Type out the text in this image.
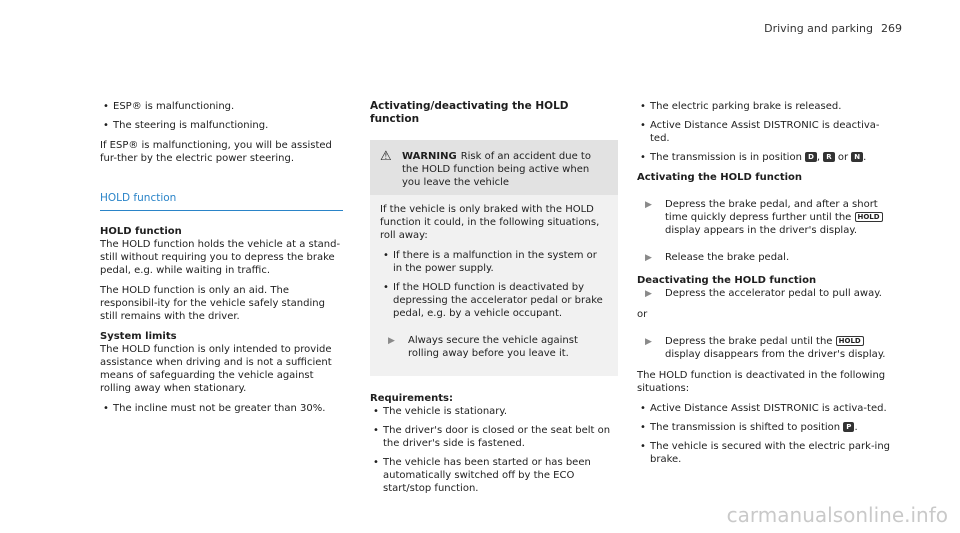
Driving and parking 269
• ESP® is malfunctioning.
• The steering is malfunctioning.

If ESP® is malfunctioning, you will be assisted fur-ther by the electric power steering.

HOLD function
HOLD function

The HOLD function holds the vehicle at a stand-still without requiring you to depress the brake pedal, e.g. while waiting in traffic.

The HOLD function is only an aid. The responsibil-ity for the vehicle safely standing still remains with the driver.

System limits

The HOLD function is only intended to provide assistance when driving and is not a sufficient means of safeguarding the vehicle against rolling away when stationary.

• The incline must not be greater than 30%.
Activating/deactivating the HOLD function
⚠	WARNING Risk of an accident due to the HOLD function being active when you leave the vehicle

If the vehicle is only braked with the HOLD function it could, in the following situations, roll away:

• If there is a malfunction in the system or in the power supply.
• If the HOLD function is deactivated by depressing the accelerator pedal or brake pedal, e.g. by a vehicle occupant.
▶ Always secure the vehicle against rolling away before you leave it.
Requirements:
• The vehicle is stationary.
• The driver's door is closed or the seat belt on the driver's side is fastened.
• The vehicle has been started or has been automatically switched off by the ECO start/stop function.
• The electric parking brake is released.
• Active Distance Assist DISTRONIC is deactiva-ted.
• The transmission is in position D , R or N .
Activating the HOLD function
▶ Depress the brake pedal, and after a short time quickly depress further until the HOLD display appears in the driver's display.
▶ Release the brake pedal.
Deactivating the HOLD function
▶ Depress the accelerator pedal to pull away.

or

▶ Depress the brake pedal until the HOLD display disappears from the driver's display.

The HOLD function is deactivated in the following situations:

• Active Distance Assist DISTRONIC is activa-ted.
• The transmission is shifted to position P .
• The vehicle is secured with the electric park-ing brake.
carmanualsonline.info
